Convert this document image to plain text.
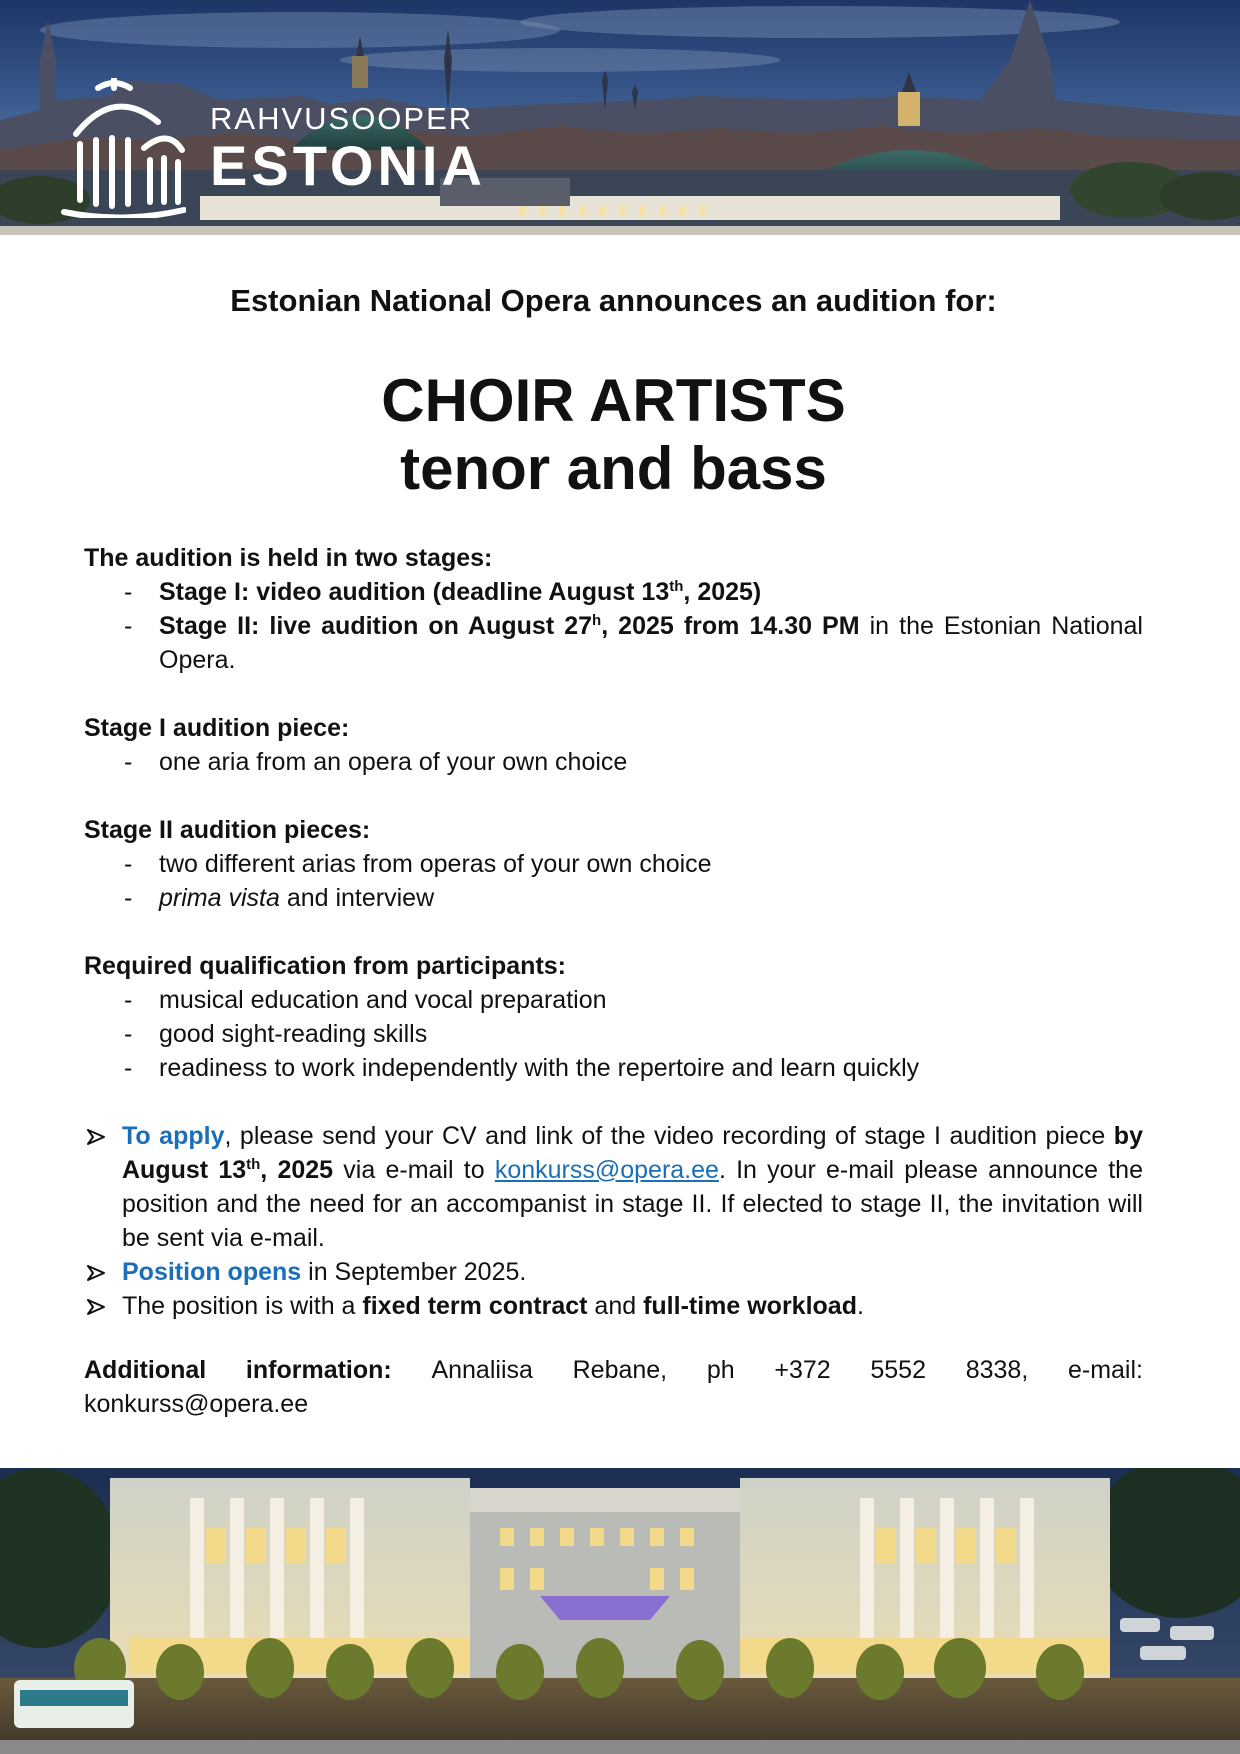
RAHVUSOOPER
ESTONIA

Estonian National Opera announces an audition for:

CHOIR ARTISTS
tenor and bass

The audition is held in two stages:

- Stage I: video audition (deadline August 13th, 2025)
- Stage II: live audition on August 27$^h$, 2025 from 14.30 PM in the Estonian National Opera.

Stage I audition piece:

- one aria from an opera of your own choice

Stage II audition pieces:

- two different arias from operas of your own choice
- prima vista and interview

Required qualification from participants:

- musical education and vocal preparation
- good sight-reading skills
- readiness to work independently with the repertoire and learn quickly
To apply, please send your CV and link of the video recording of stage I audition piece by August 13th, 2025 via e-mail to konkurss@opera.ee. In your e-mail please announce the position and the need for an accompanist in stage II. If elected to stage II, the invitation will be sent via e-mail.
Position opens in September 2025.
The position is with a fixed term contract and full-time workload.
Additional information: Annaliisa Rebane, ph +372 5552 8338, e-mail:
konkurss@opera.ee
